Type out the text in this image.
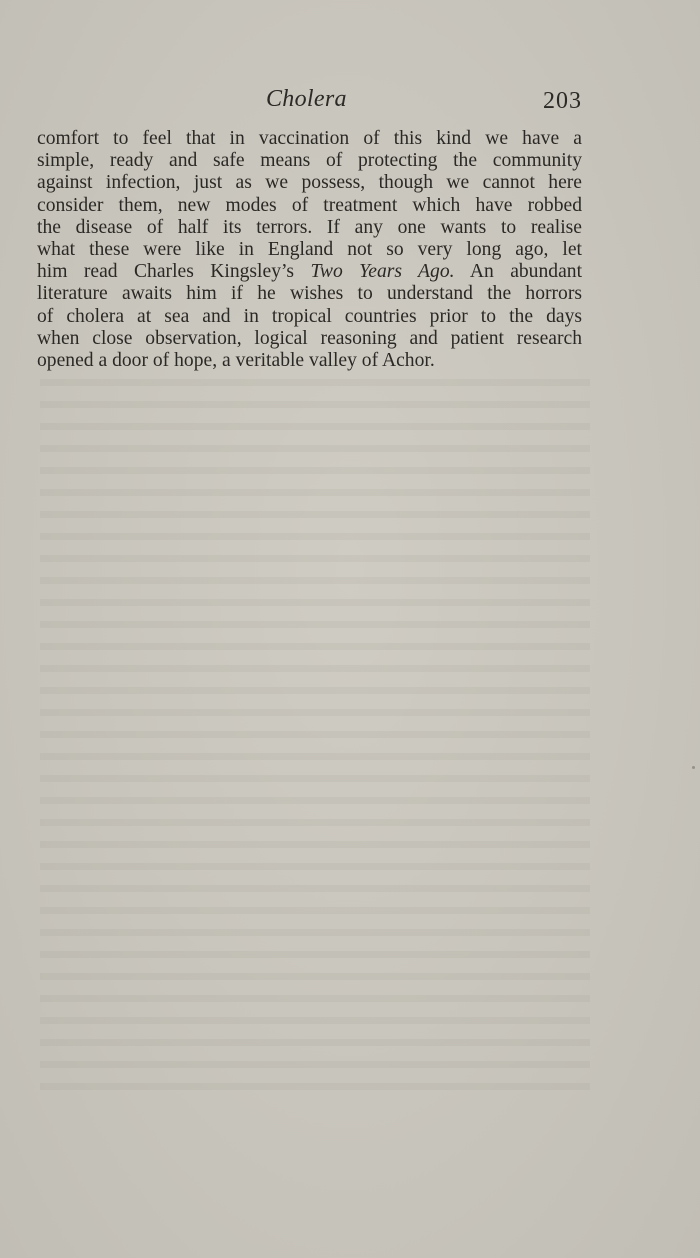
Cholera	203
comfort to feel that in vaccination of this kind we have a
simple, ready and safe means of protecting the community
against infection, just as we possess, though we cannot here
consider them, new modes of treatment which have robbed
the disease of half its terrors. If any one wants to realise
what these were like in England not so very long ago, let
him read Charles Kingsley’s Two Years Ago. An abundant
literature awaits him if he wishes to understand the horrors
of cholera at sea and in tropical countries prior to the days
when close observation, logical reasoning and patient research
opened a door of hope, a veritable valley of Achor.
